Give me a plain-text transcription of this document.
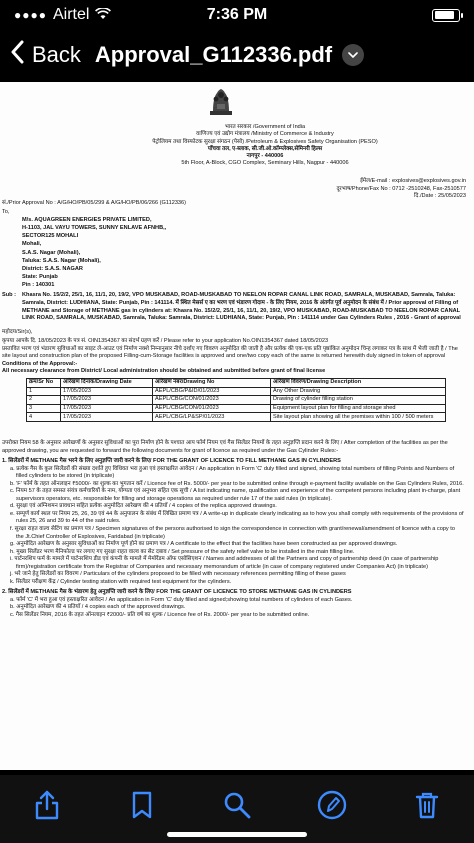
●●●● Airtel	7:36 PM
Back Approval_G112336.pdf
भारत सरकार /Government of India
वाणिज्य एवं उद्योग मंत्रालय /Ministry of Commerce & Industry
पेट्रोलियम तथा विस्फोटक सुरक्षा संगठन (पेसो) /Petroleum & Explosives Safety Organisation (PESO)
पाँचवा तल, ए-ब्लाक, सी.जी.ओ.कॉम्प्लेक्स,सेमिनरी हिल्स
नागपुर - 440006
5th Floor, A-Block, CGO Complex, Seminary Hills, Nagpur - 440006
ईमेल/E-mail : explosives@explosives.gov.in
दूरभाष/Phone/Fax No : 0712 -2510248, Fax-2510577
दि./Date : 25/05/2023
सं./Prior Approval No : A/G/HO/PB/05/299 & A/G/HO/PB/06/266 (G112336)
To,
M/s. AQUAGREEN ENERGIES PRIVATE LIMITED,
H-1103, JAL VAYU TOWERS, SUNNY ENLAVE AFNHB,,
SECTOR125 MOHALI
Mohali,
S.A.S. Nagar (Mohali),
Taluka: S.A.S. Nagar (Mohali),
District: S.A.S. NAGAR
State: Punjab
Pin : 140301
Sub :	Khasra No. 15/2/2, 25/1, 16, 11/1, 20, 19/2, VPO MUSKABAD, ROAD-MUSKABAD TO NEELON ROPAR CANAL LINK ROAD, SAMRALA, MUSKABAD, Samrala, Taluka: Samrala, District: LUDHIANA, State: Punjab, Pin : 141114. में स्थित मेसर्स ए का भरण एवं भंडारण गोदाम - के लिए नियम, 2016 के अंतर्गत पूर्व अनुमोदन के संबंध में / Prior approval of Filling of METHANE and Storage of METHANE gas in cylinders at: Khasra No. 15/2/2, 25/1, 16, 11/1, 20, 19/2, VPO MUSKABAD, ROAD-MUSKABAD TO NEELON ROPAR CANAL LINK ROAD, SAMRALA, MUSKABAD, Samrala, Taluka: Samrala, District: LUDHIANA, State: Punjab, Pin : 141114 under Gas Cylinders Rules , 2016 - Grant of approval
महोदय/Sir(s),

कृपया आपके दि. 18/05/2023 के पत्र सं. OIN1354367 का संदर्भ ग्रहण करें / Please refer to your application No.OIN1354367 dated 18/05/2023

प्रस्तावित भरण एवं भंडारण सुविधाओं का साइट ले-आउट एवं निर्माण नक्शे निम्नानुसार नीचे दर्शाए गए विवरण अनुमोदित की जाती है और प्रत्येक की एक-एक प्रति पृष्ठांकित अनुमोदन चिन्ह लगाकर पत्र के साथ में भेजी जाती है / The site layout and construction plan of the proposed Filling-cum-Storage facilities is approved and one/two copy each of the same is returned herewith duly signed in token of approval

Conditions of the Approval:-

All necessary clearance from District/ Local administration should be obtained and submitted before grant of final license

क्रम/Sr No	आरेखण दिनांक/Drawing Date	आरेखण नंबर/Drawing No	आरेखण विवरण/Drawing Description
1	17/05/2023	AEPL/CBG/P&ID/01/2023	Any Other Drawing
2	17/05/2023	AEPL/CBG/CON/01/2023	Drawing of cylinder filling station
3	17/05/2023	AEPL/CBG/CON/01/2023	Equipment layout plan for filling and storage shed
4	17/05/2023	AEPL/CBG/LP&SP/01/2023	Site layout plan showing all the premises within 100 / 500 meters

उपरोक्त नियम 58 के अनुसार आरेखणों के अनुसार सुविधाओं का पूरा निर्माण होने के पश्चात आप फॉर्म नियम एवं गैस सिलेंडर नियमों के तहत अनुज्ञप्ति प्रदान करने के लिए / After completion of the facilities as per the approved drawing, you are requested to forward the following documents for grant of licence as required under the Gas Cylinder Rules:-

1. सिलेंडरों में METHANE गैस भरने के लिए अनुज्ञप्ति जारी करने के लिए/ FOR THE GRANT OF LICENCE TO FILL METHANE GAS IN CYLINDERS

a. प्रत्येक गैस के कुल सिलेंडरों की संख्या दर्शाते हुए विधिवत भरा हुआ एवं हस्ताक्षरित आवेदन / An application in Form 'C' duly filled and signed, showing total numbers of filling Points and Numbers of filled cylinders to be stored (in triplicate)

b. 'F' फॉर्म के तहत ऑनलाइन ₹5000/- का शुल्क का भुगतान करें / Licence fee of Rs. 5000/- per year to be submitted online through e-payment facility available on the Gas Cylinders Rules, 2016.

c. नियम 57 के तहत समस्त संयंत्र कर्मचारियों के नाम, योग्यता एवं अनुभव सहित एक सूची / A list indicating name, qualification and experience of the competent persons including plant in-charge, plant supervisors operators, etc. responsible for filling and storage operations as required under rule 17 of the said rules (in triplicate).

d. सुरक्षा एवं अग्निशमन प्रावधान सहित प्रत्येक अनुमोदित आरेखण की 4 प्रतियाँ / 4 copies of the replica approved drawings.

e. सम्पूर्ण कार्य स्थल पर नियम 25, 26, 39 एवं 44 के अनुपालन के संबंध में लिखित प्रमाण पत्र / A write-up in duplicate clearly indicating as to how you shall comply with requirements of the provisions of rules 25, 26 and 39 to 44 of the said rules.

f. सुरक्षा राहत वाल्व सेटिंग का प्रमाण पत्र / Specimen signatures of the persons authorised to sign the correspondence in connection with grant/renewal/amendment of licence with a copy to the Jt.Chief Controller of Explosives, Faridabad (in triplicate)

g. अनुमोदित आरेखण के अनुसार सुविधाओं का निर्माण पूर्ण होने का प्रमाण पत्र / A certificate to the effect that the facilities have been constructed as per approved drawings.

h. मुख्य सिलेंडर भरण मैनिफोल्ड पर लगाए गए सुरक्षा राहत वाल्व का सेट दबाव / Set pressure of the safety relief valve to be installed in the main filling line.

i. पार्टनरशिप फर्म के मामले में पार्टनरशिप डीड एवं कंपनी के मामले में मेमोरेंडम ऑफ एसोसिएशन / Names and addresses of all the Partners and copy of partnership deed (in case of partnership firm)/registration certificate from the Registrar of Companies and necessary memorandum of article (in case of company registered under Companies Act) (in triplicate)

j. भरे जाने हेतु सिलेंडरों का विवरण / Particulars of the cylinders proposed to be filled with necessary references permitting filling of these gases

k. सिलेंडर परीक्षण केंद्र / Cylinder testing station with required test equipment for the cylinders.

2. सिलेंडरों में METHANE गैस के भंडारण हेतु अनुज्ञप्ति जारी करने के लिए/ FOR THE GRANT OF LICENCE TO STORE METHANE GAS IN CYLINDERS

a. फॉर्म 'C' में भरा हुआ एवं हस्ताक्षरित आवेदन / An application in Form 'C' duly filled and signed;showing total numbers of cylinders of each Gases.

b. अनुमोदित आरेखण की 4 प्रतियाँ / 4 copies each of the approved drawings.

c. गैस सिलेंडर नियम, 2016 के तहत ऑनलाइन ₹2000/- प्रति वर्ष का शुल्क / Licence fee of Rs. 2000/- per year to be submitted online.
